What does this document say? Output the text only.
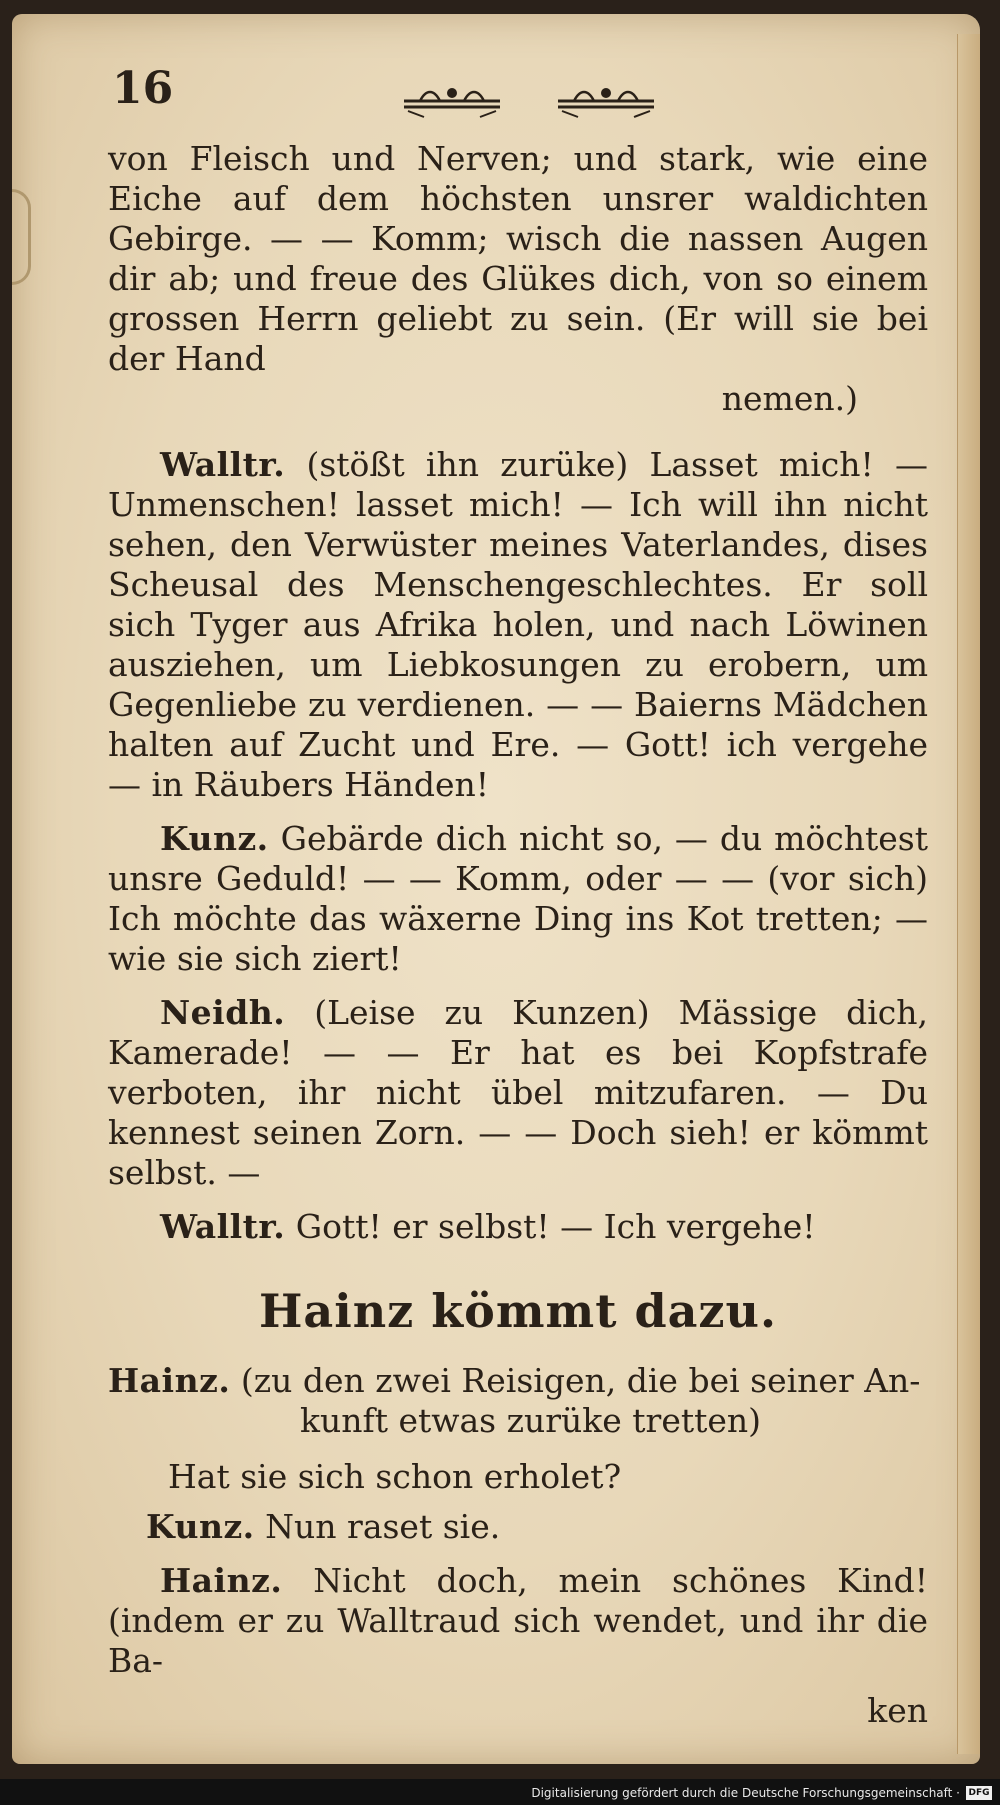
16

von Fleisch und Nerven; und stark, wie eine Eiche auf dem höchsten unsrer waldichten Gebirge. — — Komm; wisch die nassen Augen dir ab; und freue des Glükes dich, von so einem grossen Herrn geliebt zu sein. (Er will sie bei der Hand

nemen.)

Walltr. (stößt ihn zurüke) Lasset mich! — Unmenschen! lasset mich! — Ich will ihn nicht sehen, den Verwüster meines Vaterlandes, dises Scheusal des Menschengeschlechtes. Er soll sich Tyger aus Afrika holen, und nach Löwinen ausziehen, um Liebkosungen zu erobern, um Gegenliebe zu verdienen. — — Baierns Mädchen halten auf Zucht und Ere. — Gott! ich vergehe — in Räubers Händen!

Kunz. Gebärde dich nicht so, — du möchtest unsre Geduld! — — Komm, oder — — (vor sich) Ich möchte das wäxerne Ding ins Kot tretten; — wie sie sich ziert!

Neidh. (Leise zu Kunzen) Mässige dich, Kamerade! — — Er hat es bei Kopfstrafe verboten, ihr nicht übel mitzufaren. — Du kennest seinen Zorn. — — Doch sieh! er kömmt selbst. —

Walltr. Gott! er selbst! — Ich vergehe!

Hainz kömmt dazu.
Hainz. (zu den zwei Reisigen, die bei seiner An-
kunft etwas zurüke tretten)
Hat sie sich schon erholet?
Kunz. Nun raset sie.

Hainz. Nicht doch, mein schönes Kind! (indem er zu Walltraud sich wendet, und ihr die Ba-

ken
Digitalisierung gefördert durch die Deutsche Forschungsgemeinschaft · DFG
